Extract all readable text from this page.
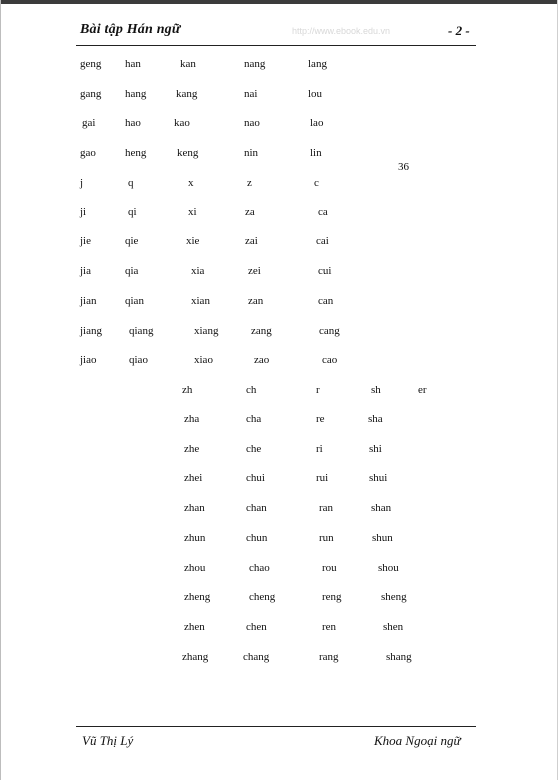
Bài tập Hán ngữ	http://www.ebook.edu.vn	- 2 -
geng han	kan	nang	lang
gang hang	kang	nai	lou
gai	hao	kao	nao	lao
gao	heng	keng	nin	lin
36
j	q	x	z	c
ji	qi	xi	za	ca
jie	qie	xie	zai	cai
jia	qia	xia	zei	cui
jian	qian	xian	zan	can
jiang qiang	xiang	zang	cang
jiao	qiao	xiao	zao	cao
zh	ch	r	sh	er
zha	cha	re	sha
zhe	che	ri	shi
zhei	chui	rui	shui
zhan	chan	ran	shan
zhun	chun	run	shun
zhou	chao	rou	shou
zheng	cheng	reng	sheng
zhen	chen	ren	shen
zhang	chang	rang	shang
Vũ Thị Lý	Khoa Ngoại ngữ
